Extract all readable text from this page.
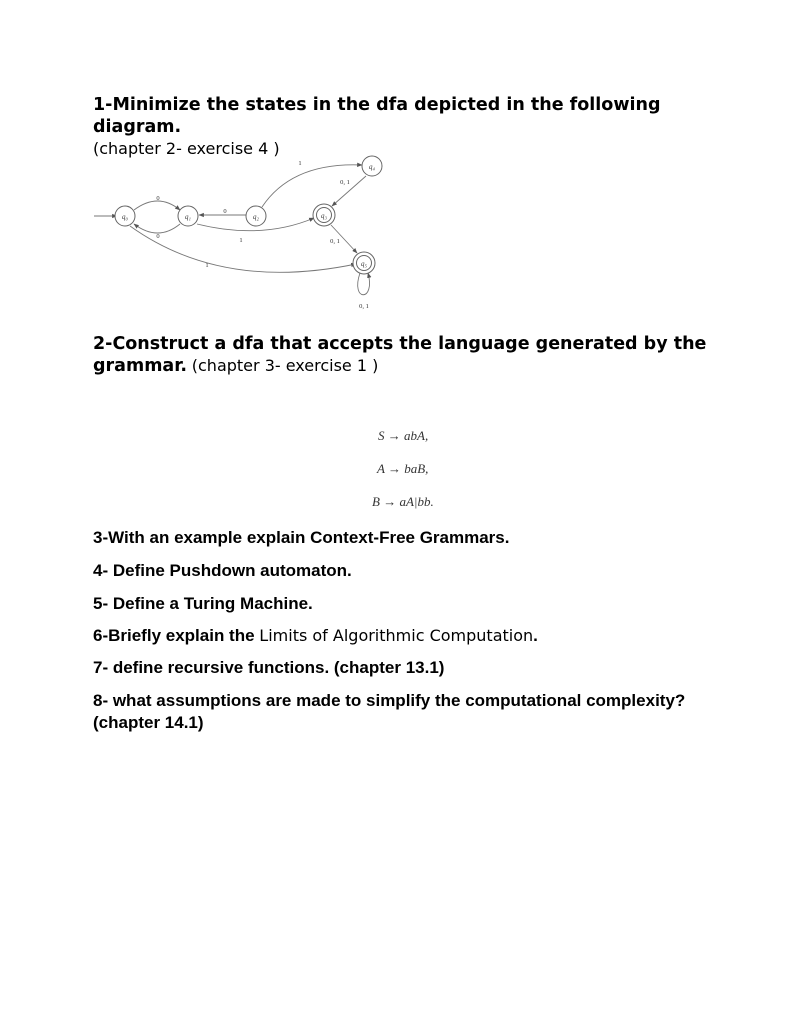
1-Minimize the states in the dfa depicted in the following diagram.
(chapter 2- exercise 4 )
q₀	q₁	q₂	q₃
q₄
q₅
0
0
1
1
0
1
0, 1
0, 1
0, 1
2-Construct a dfa that accepts the language generated by the grammar. (chapter 3- exercise 1 )
S → abA,
A → baB,
B → aA|bb.
3-With an example explain Context-Free Grammars.
4- Define Pushdown automaton.
5- Define a Turing Machine.
6-Briefly explain the Limits of Algorithmic Computation.
7- define recursive functions. (chapter 13.1)
8- what assumptions are made to simplify the computational complexity? (chapter 14.1)
